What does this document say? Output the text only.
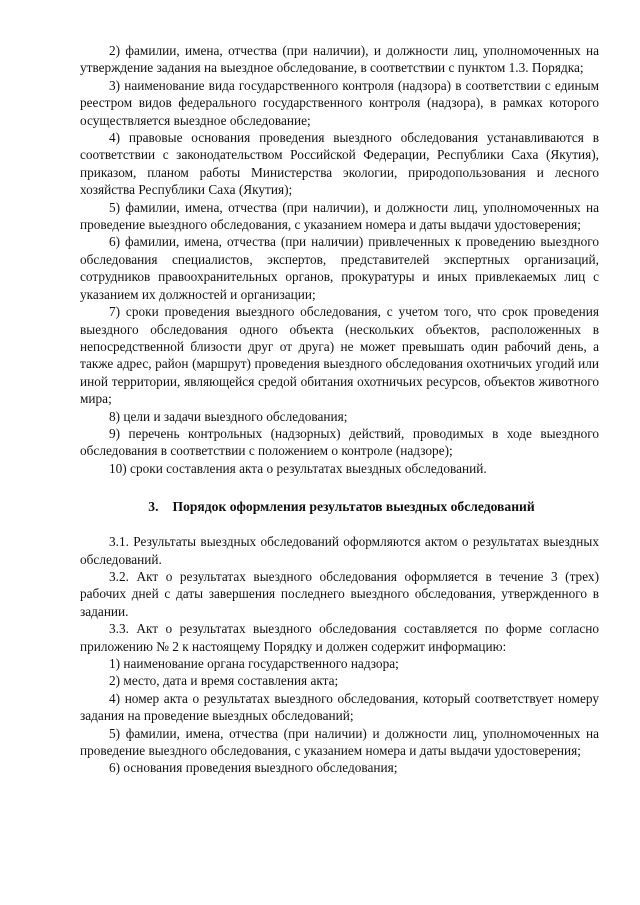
2) фамилии, имена, отчества (при наличии), и должности лиц, уполномоченных на утверждение задания на выездное обследование, в соответствии с пунктом 1.3. Порядка;

3) наименование вида государственного контроля (надзора) в соответствии с единым реестром видов федерального государственного контроля (надзора), в рамках которого осуществляется выездное обследование;

4) правовые основания проведения выездного обследования устанавливаются в соответствии с законодательством Российской Федерации, Республики Саха (Якутия), приказом, планом работы Министерства экологии, природопользования и лесного хозяйства Республики Саха (Якутия);

5) фамилии, имена, отчества (при наличии), и должности лиц, уполномоченных на проведение выездного обследования, с указанием номера и даты выдачи удостоверения;

6) фамилии, имена, отчества (при наличии) привлеченных к проведению выездного обследования специалистов, экспертов, представителей экспертных организаций, сотрудников правоохранительных органов, прокуратуры и иных привлекаемых лиц с указанием их должностей и организации;

7) сроки проведения выездного обследования, с учетом того, что срок проведения выездного обследования одного объекта (нескольких объектов, расположенных в непосредственной близости друг от друга) не может превышать один рабочий день, а также адрес, район (маршрут) проведения выездного обследования охотничьих угодий или иной территории, являющейся средой обитания охотничьих ресурсов, объектов животного мира;

8) цели и задачи выездного обследования;

9) перечень контрольных (надзорных) действий, проводимых в ходе выездного обследования в соответствии с положением о контроле (надзоре);

10) сроки составления акта о результатах выездных обследований.

3. Порядок оформления результатов выездных обследований

3.1. Результаты выездных обследований оформляются актом о результатах выездных обследований.

3.2. Акт о результатах выездного обследования оформляется в течение 3 (трех) рабочих дней с даты завершения последнего выездного обследования, утвержденного в задании.

3.3. Акт о результатах выездного обследования составляется по форме согласно приложению № 2 к настоящему Порядку и должен содержит информацию:

1) наименование органа государственного надзора;

2) место, дата и время составления акта;

4) номер акта о результатах выездного обследования, который соответствует номеру задания на проведение выездных обследований;

5) фамилии, имена, отчества (при наличии) и должности лиц, уполномоченных на проведение выездного обследования, с указанием номера и даты выдачи удостоверения;

6) основания проведения выездного обследования;
